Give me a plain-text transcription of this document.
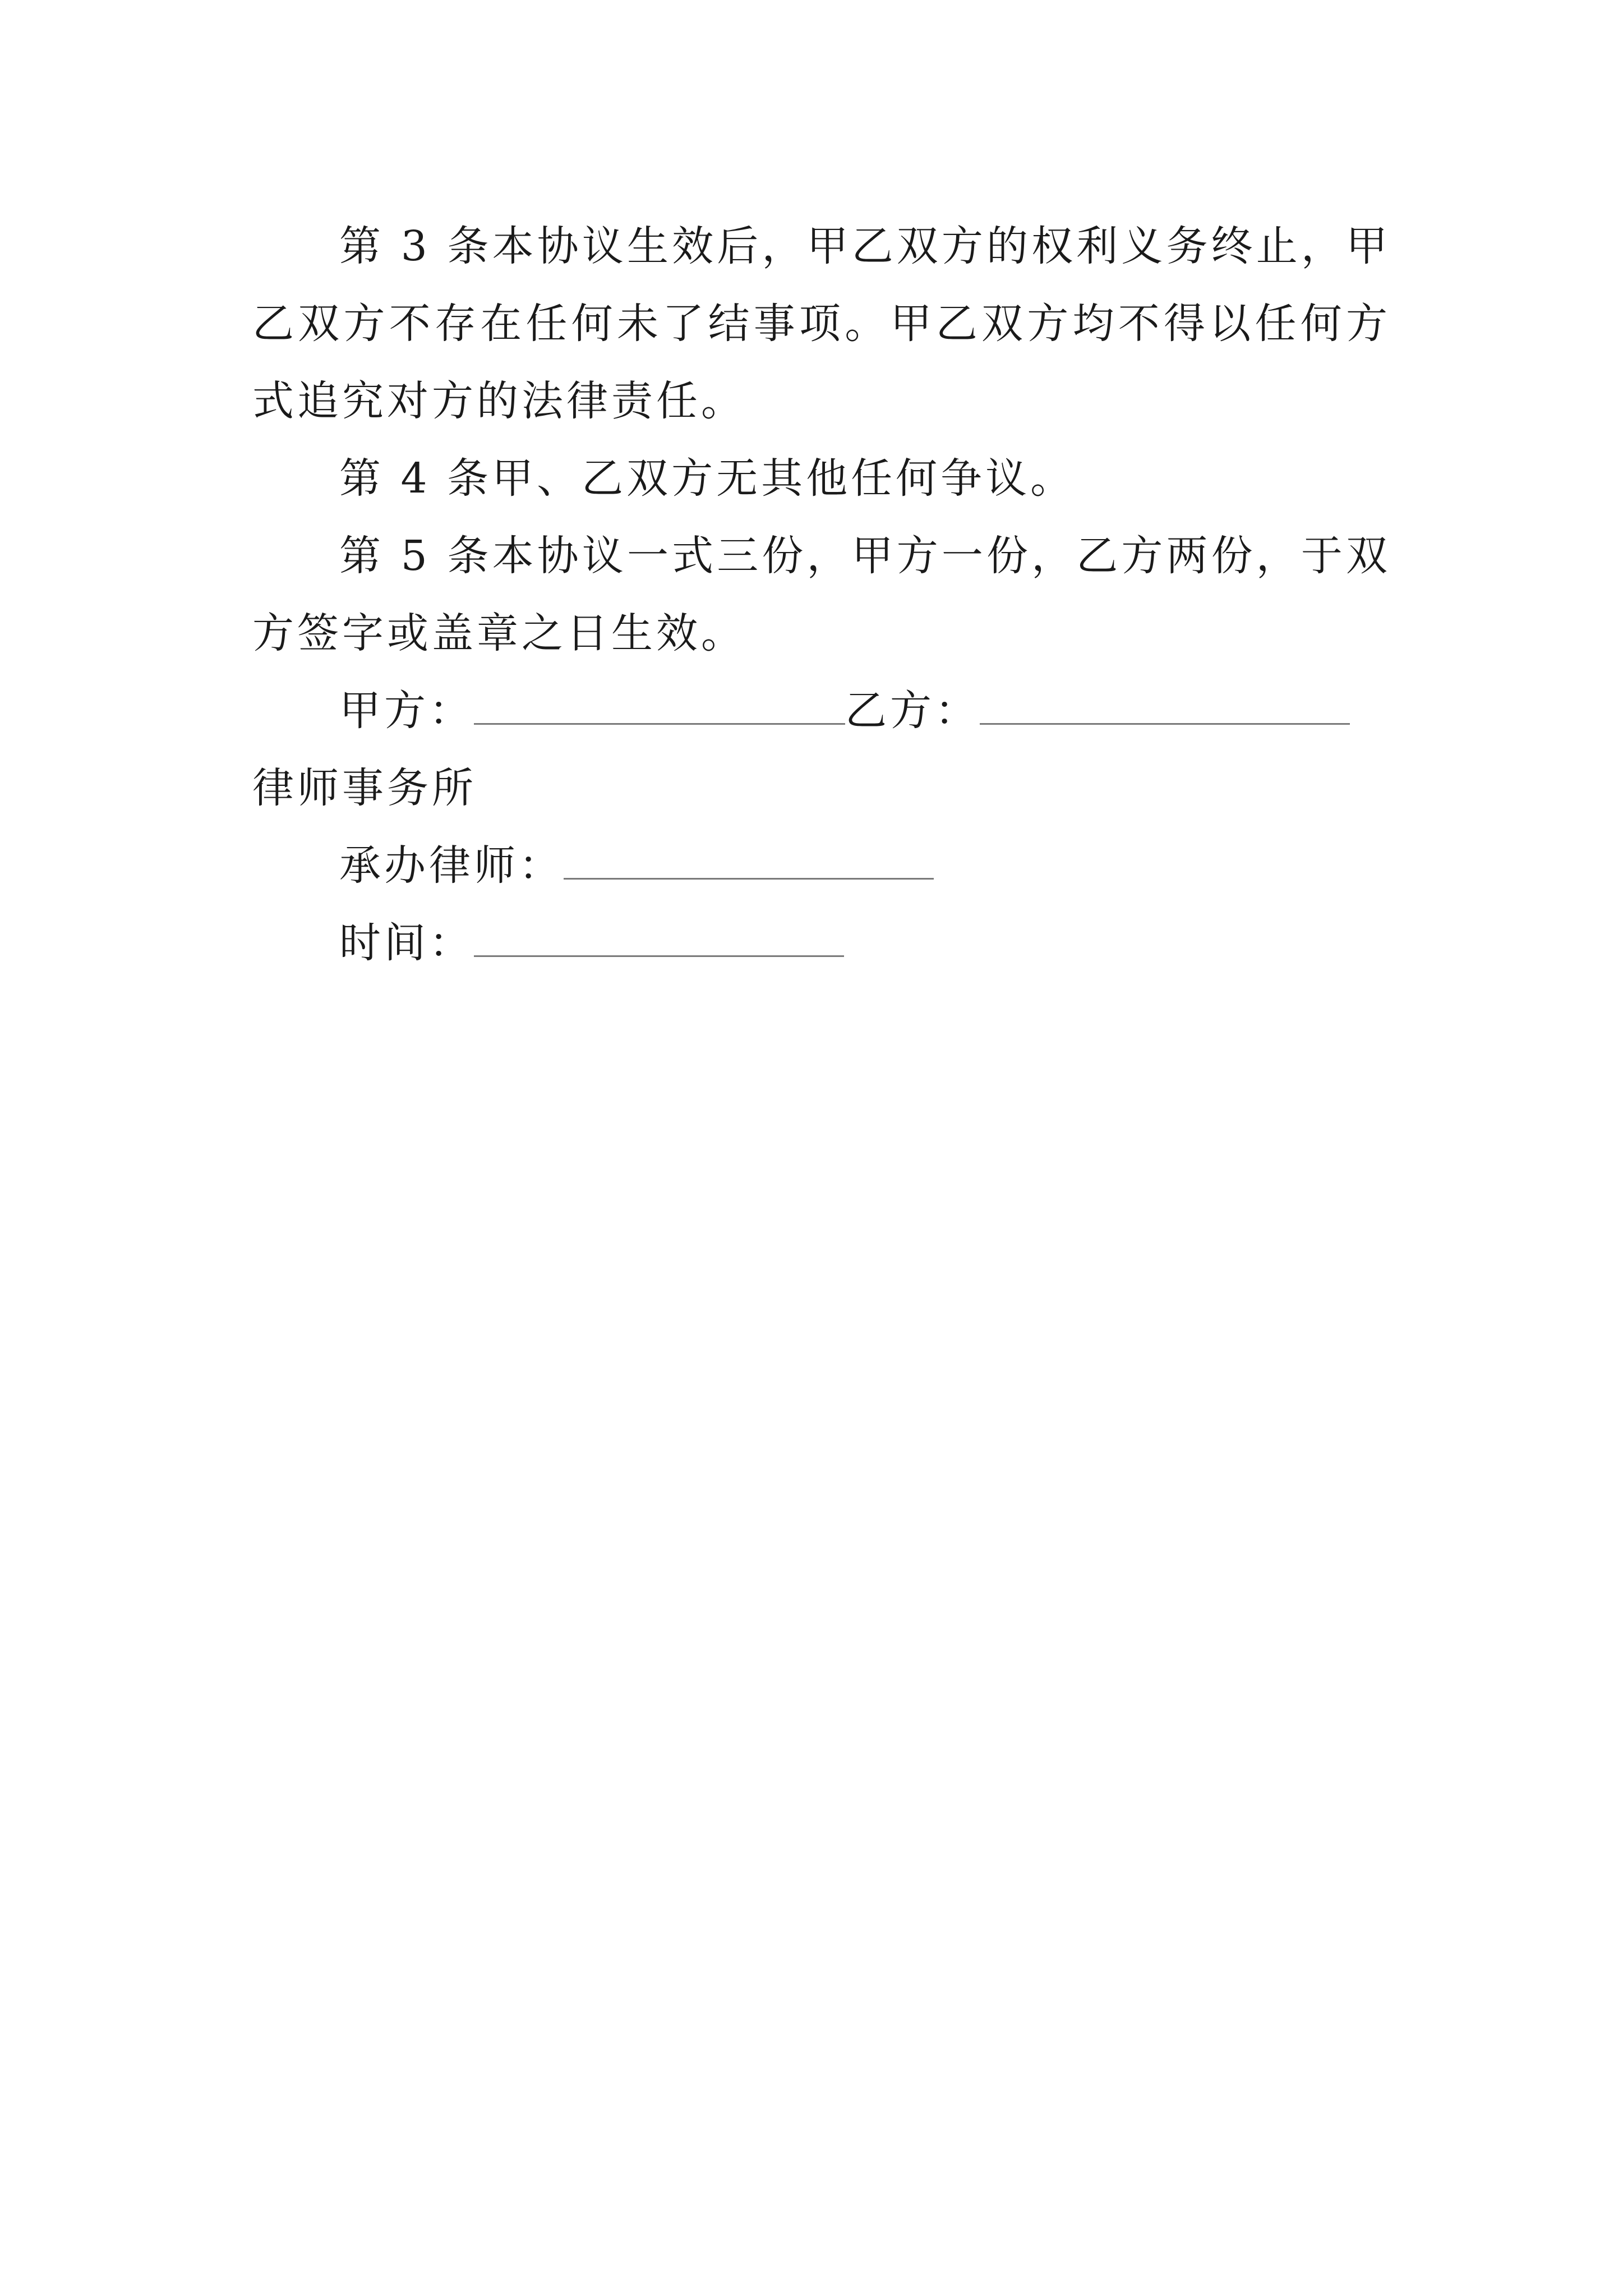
第 3 条本协议生效后，甲乙双方的权利义务终止，甲乙双方不存在任何未了结事项。甲乙双方均不得以任何方式追究对方的法律责任。

第 4 条甲、乙双方无其他任何争议。

第 5 条本协议一式三份，甲方一份，乙方两份，于双方签字或盖章之日生效。

甲方：	乙方：律师事务所

承办律师：

时间：
